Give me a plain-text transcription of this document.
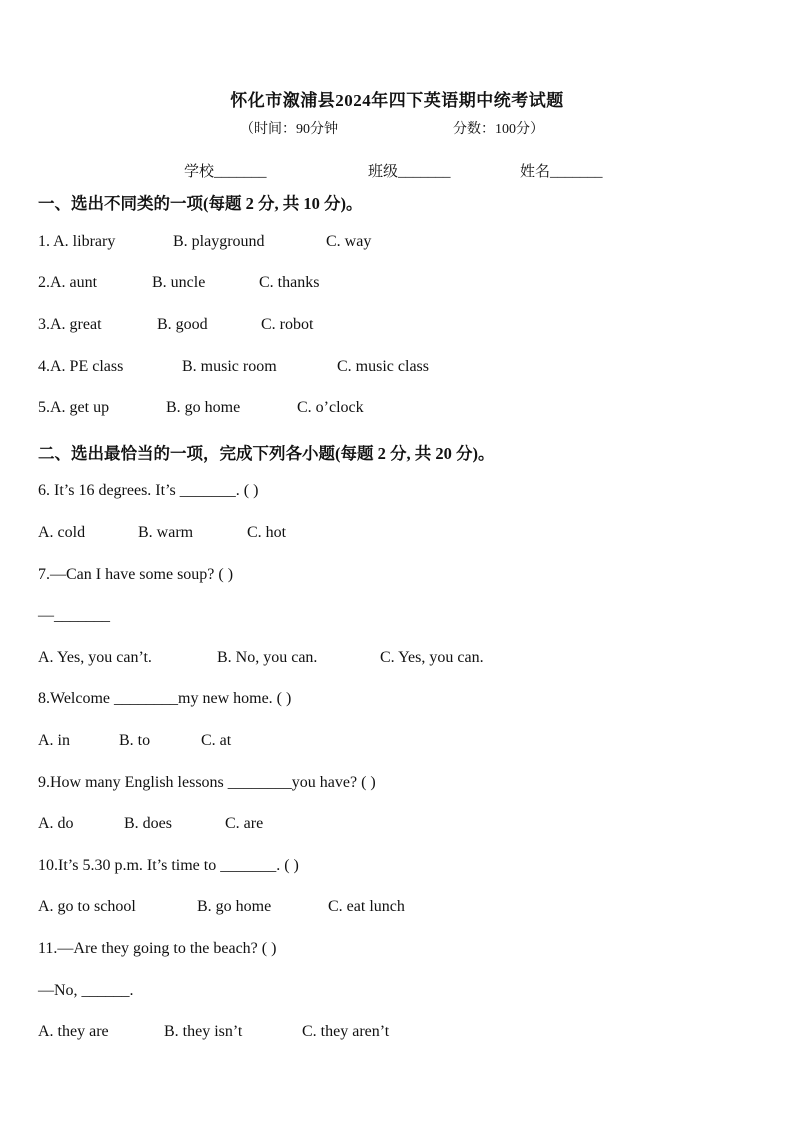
怀化市溆浦县2024年四下英语期中统考试题
（时间：90分钟	分数：100分）
学校_______	班级_______	姓名_______
一、选出不同类的一项(每题 2 分, 共 10 分)。
1. A. library	B. playground	C. way
2.A. aunt	B. uncle	C. thanks
3.A. great	B. good	C. robot
4.A. PE class	B. music room	C. music class
5.A. get up	B. go home	C. o’clock
二、选出最恰当的一项，完成下列各小题(每题 2 分, 共 20 分)。
6. It’s 16 degrees. It’s _______. ( )
A. cold	B. warm	C. hot
7.—Can I have some soup? ( )
—_______
A. Yes, you can’t.	B. No, you can.	C. Yes, you can.
8.Welcome ________my new home. ( )
A. in	B. to	C. at
9.How many English lessons ________you have? ( )
A. do	B. does	C. are
10.It’s 5.30 p.m. It’s time to _______. ( )
A. go to school	B. go home	C. eat lunch
11.—Are they going to the beach? ( )
—No, ______.
A. they are	B. they isn’t	C. they aren’t
